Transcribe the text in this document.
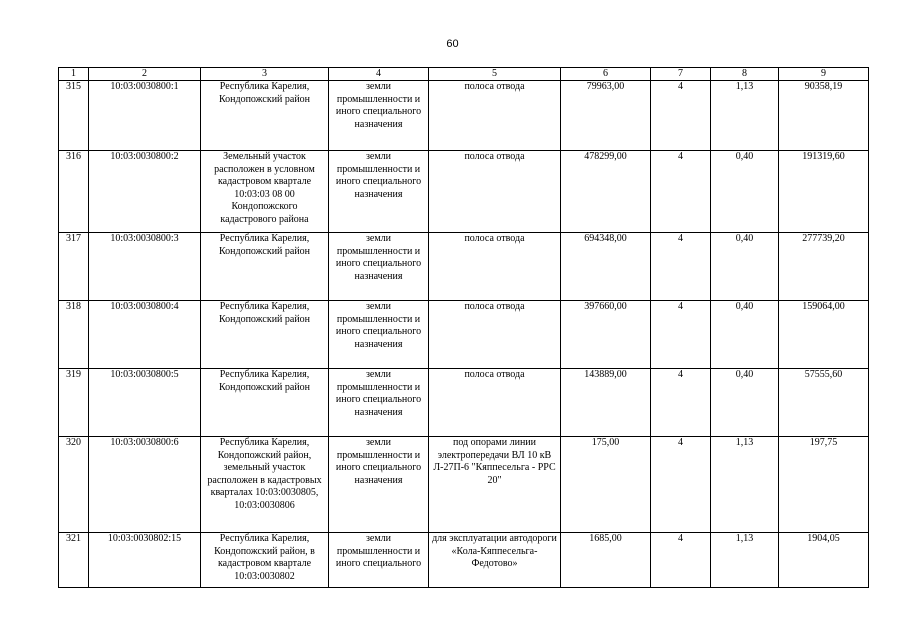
60
1	2	3	4	5	6	7	8	9
315	10:03:0030800:1	Республика Карелия, Кондопожский район	земли промышленности и иного специального назначения	полоса отвода	79963,00	4	1,13	90358,19
316	10:03:0030800:2	Земельный участок расположен в условном кадастровом квартале 10:03:03 08 00 Кондопожского кадастрового района	земли промышленности и иного специального назначения	полоса отвода	478299,00	4	0,40	191319,60
317	10:03:0030800:3	Республика Карелия, Кондопожский район	земли промышленности и иного специального назначения	полоса отвода	694348,00	4	0,40	277739,20
318	10:03:0030800:4	Республика Карелия, Кондопожский район	земли промышленности и иного специального назначения	полоса отвода	397660,00	4	0,40	159064,00
319	10:03:0030800:5	Республика Карелия, Кондопожский район	земли промышленности и иного специального назначения	полоса отвода	143889,00	4	0,40	57555,60
320	10:03:0030800:6	Республика Карелия, Кондопожский район, земельный участок расположен в кадастровых кварталах 10:03:0030805, 10:03:0030806	земли промышленности и иного специального назначения	под опорами линии электропередачи ВЛ 10 кВ Л-27П-6 "Кяппесельга - РРС 20"	175,00	4	1,13	197,75
321	10:03:0030802:15	Республика Карелия, Кондопожский район, в кадастровом квартале 10:03:0030802	земли промышленности и иного специального	для эксплуатации автодороги «Кола-Кяппесельга-Федотово»	1685,00	4	1,13	1904,05
